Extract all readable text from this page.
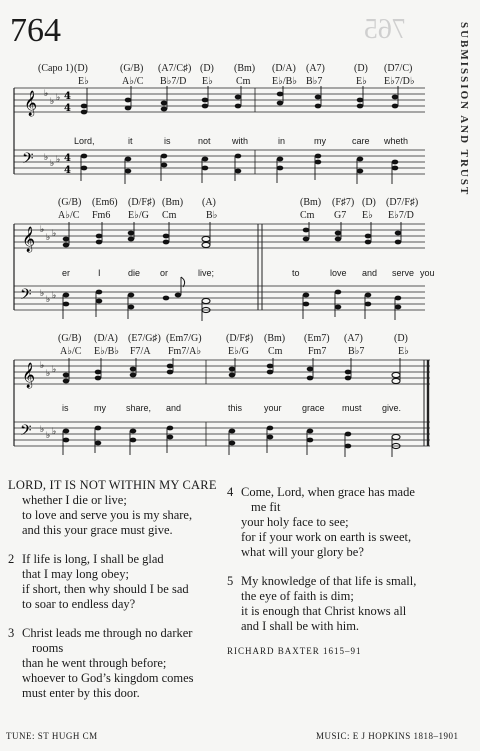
764	765	SUBMISSION AND TRUST
(Capo 1) (D)	(G/B) (A7/C♯) (D) (Bm) (D/A) (A7)	(D) (D7/C)
E♭	A♭/C B♭7/D E♭ Cm E♭/B♭ B♭7	E♭ E♭7/D♭
𝄞
𝄢
♭
♭ ♭
♭
♭ ♭
4
4
4
4
Lord,	it	is	not with	in	my	care wheth
(G/B) (Em6) (D/F♯) (Bm) (A)	(Bm) (F♯7) (D) (D7/F♯)
A♭/C Fm6 E♭/G Cm	B♭	Cm G7 E♭ E♭7/D
𝄞
𝄢
♭
♭ ♭
♭
♭ ♭
er	I	die or	live;	to	love and serve you
(G/B) (D/A) (E7/G♯) (Em7/G) (D/F♯) (Bm) (Em7) (A7)	(D)
A♭/C E♭/B♭ F7/A Fm7/A♭	E♭/G Cm	Fm7 B♭7	E♭
𝄞
𝄢
♭
♭ ♭
♭
♭ ♭
is	my share, and	this your grace must give.
LORD, IT IS NOT WITHIN MY CARE
whether I die or live;
to love and serve you is my share,
and this your grace must give.
2 If life is long, I shall be glad
that I may long obey;
if short, then why should I be sad
to soar to endless day?
3 Christ leads me through no darker
rooms
than he went through before;
whoever to God’s kingdom comes
must enter by this door.
4 Come, Lord, when grace has made
me fit
your holy face to see;
for if your work on earth is sweet,
what will your glory be?
5 My knowledge of that life is small,
the eye of faith is dim;
it is enough that Christ knows all
and I shall be with him.
RICHARD BAXTER 1615–91
TUNE: ST HUGH CM	MUSIC: E J HOPKINS 1818–1901
